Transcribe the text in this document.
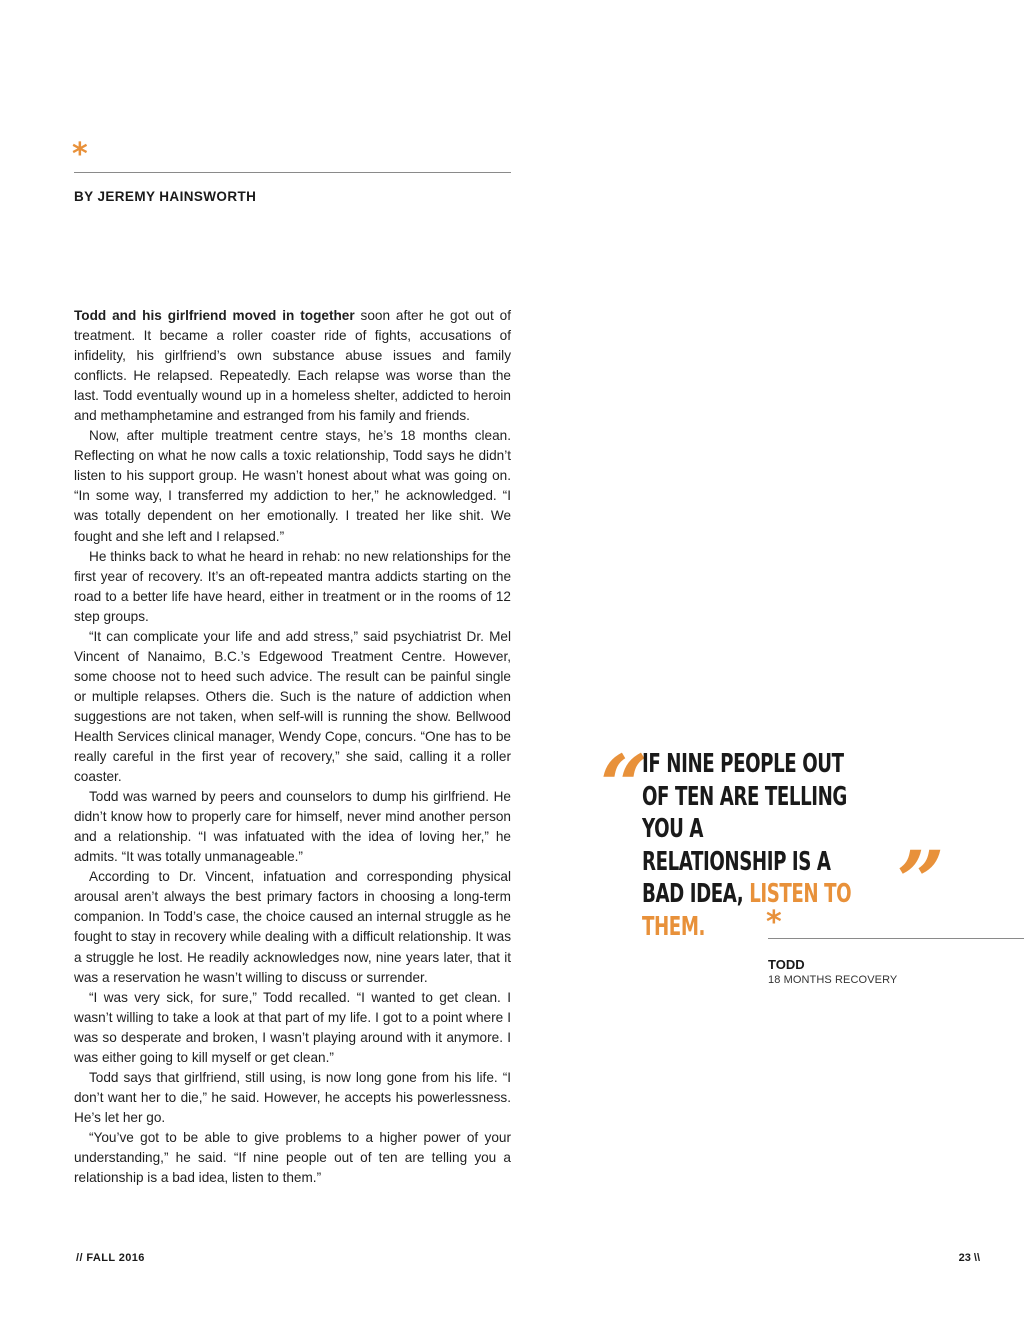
*
BY JEREMY HAINSWORTH

Todd and his girlfriend moved in together soon after he got out of treatment. It became a roller coaster ride of fights, accusations of infidelity, his girlfriend’s own substance abuse issues and family conflicts. He relapsed. Repeatedly. Each relapse was worse than the last. Todd eventually wound up in a homeless shelter, addicted to heroin and methamphetamine and estranged from his family and friends.

Now, after multiple treatment centre stays, he’s 18 months clean. Reflecting on what he now calls a toxic relationship, Todd says he didn’t listen to his support group. He wasn’t honest about what was going on. “In some way, I transferred my addiction to her,” he acknowledged. “I was totally dependent on her emotionally. I treated her like shit. We fought and she left and I relapsed.”

He thinks back to what he heard in rehab: no new relationships for the first year of recovery. It’s an oft-repeated mantra addicts starting on the road to a better life have heard, either in treatment or in the rooms of 12 step groups.

“It can complicate your life and add stress,” said psychiatrist Dr. Mel Vincent of Nanaimo, B.C.’s Edgewood Treatment Centre. However, some choose not to heed such advice. The result can be painful single or multiple relapses. Others die. Such is the nature of addiction when suggestions are not taken, when self-will is running the show. Bellwood Health Services clinical manager, Wendy Cope, concurs. “One has to be really careful in the first year of recovery,” she said, calling it a roller coaster.

Todd was warned by peers and counselors to dump his girlfriend. He didn’t know how to properly care for himself, never mind another person and a relationship. “I was infatuated with the idea of loving her,” he admits. “It was totally unmanageable.”

According to Dr. Vincent, infatuation and corresponding physical arousal aren’t always the best primary factors in choosing a long-term companion. In Todd’s case, the choice caused an internal struggle as he fought to stay in recovery while dealing with a difficult relationship. It was a struggle he lost. He readily acknowledges now, nine years later, that it was a reservation he wasn’t willing to discuss or surrender.

“I was very sick, for sure,” Todd recalled. “I wanted to get clean. I wasn’t willing to take a look at that part of my life. I got to a point where I was so desperate and broken, I wasn’t playing around with it anymore. I was either going to kill myself or get clean.”

Todd says that girlfriend, still using, is now long gone from his life. “I don’t want her to die,” he said. However, he accepts his powerlessness. He’s let her go.

“You’ve got to be able to give problems to a higher power of your understanding,” he said. “If nine people out of ten are telling you a relationship is a bad idea, listen to them.”

“
IF NINE PEOPLE OUT OF TEN ARE TELLING YOU A RELATIONSHIP IS A BAD IDEA, LISTEN TO THEM.	”
*
TODD
18 MONTHS RECOVERY
// FALL 2016	23 \\
